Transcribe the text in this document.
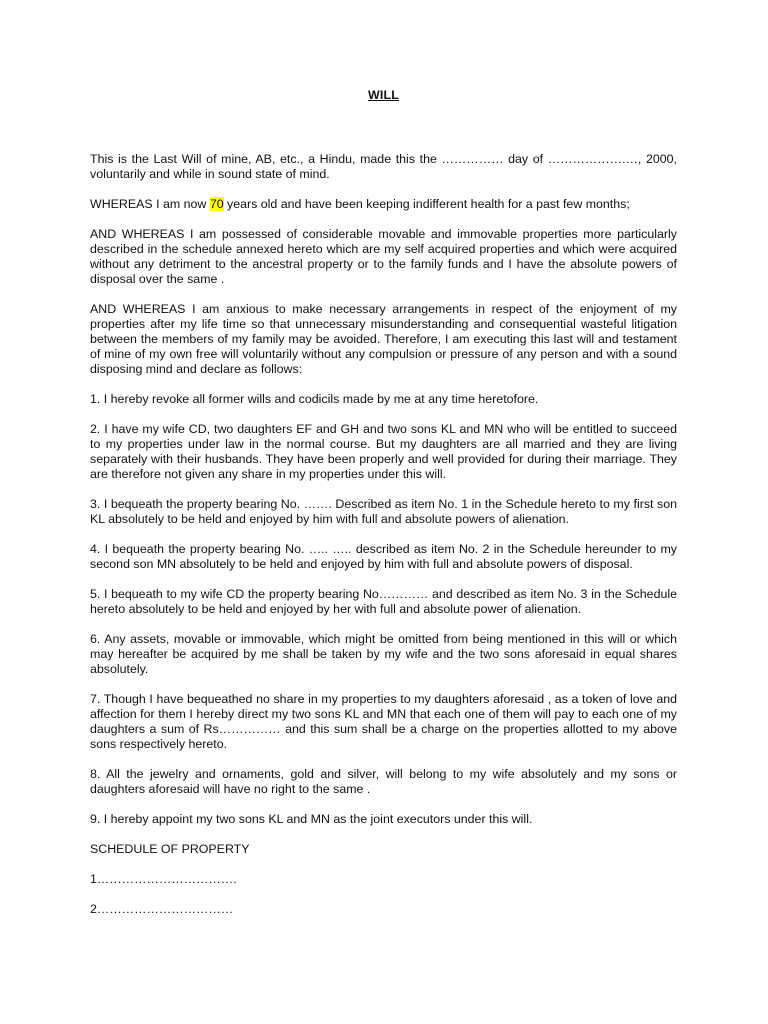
WILL

This is the Last Will of mine, AB, etc., a Hindu, made this the …………… day of ……………….…, 2000, voluntarily and while in sound state of mind.

WHEREAS I am now 70 years old and have been keeping indifferent health for a past few months;

AND WHEREAS I am possessed of considerable movable and immovable properties more particularly described in the schedule annexed hereto which are my self acquired properties and which were acquired without any detriment to the ancestral property or to the family funds and I have the absolute powers of disposal over the same .

AND WHEREAS I am anxious to make necessary arrangements in respect of the enjoyment of my properties after my life time so that unnecessary misunderstanding and consequential wasteful litigation between the members of my family may be avoided. Therefore, I am executing this last will and testament of mine of my own free will voluntarily without any compulsion or pressure of any person and with a sound disposing mind and declare as follows:

1. I hereby revoke all former wills and codicils made by me at any time heretofore.

2. I have my wife CD, two daughters EF and GH and two sons KL and MN who will be entitled to succeed to my properties under law in the normal course. But my daughters are all married and they are living separately with their husbands. They have been properly and well provided for during their marriage. They are therefore not given any share in my properties under this will.

3. I bequeath the property bearing No. ……. Described as item No. 1 in the Schedule hereto to my first son KL absolutely to be held and enjoyed by him with full and absolute powers of alienation.

4. I bequeath the property bearing No. ….. ….. described as item No. 2 in the Schedule hereunder to my second son MN absolutely to be held and enjoyed by him with full and absolute powers of disposal.

5. I bequeath to my wife CD the property bearing No………… and described as item No. 3 in the Schedule hereto absolutely to be held and enjoyed by her with full and absolute power of alienation.

6. Any assets, movable or immovable, which might be omitted from being mentioned in this will or which may hereafter be acquired by me shall be taken by my wife and the two sons aforesaid in equal shares absolutely.

7. Though I have bequeathed no share in my properties to my daughters aforesaid , as a token of love and affection for them I hereby direct my two sons KL and MN that each one of them will pay to each one of my daughters a sum of Rs…………… and this sum shall be a charge on the properties allotted to my above sons respectively hereto.

8. All the jewelry and ornaments, gold and silver, will belong to my wife absolutely and my sons or daughters aforesaid will have no right to the same .

9. I hereby appoint my two sons KL and MN as the joint executors under this will.

SCHEDULE OF PROPERTY

1…………………………….

2……………………………
